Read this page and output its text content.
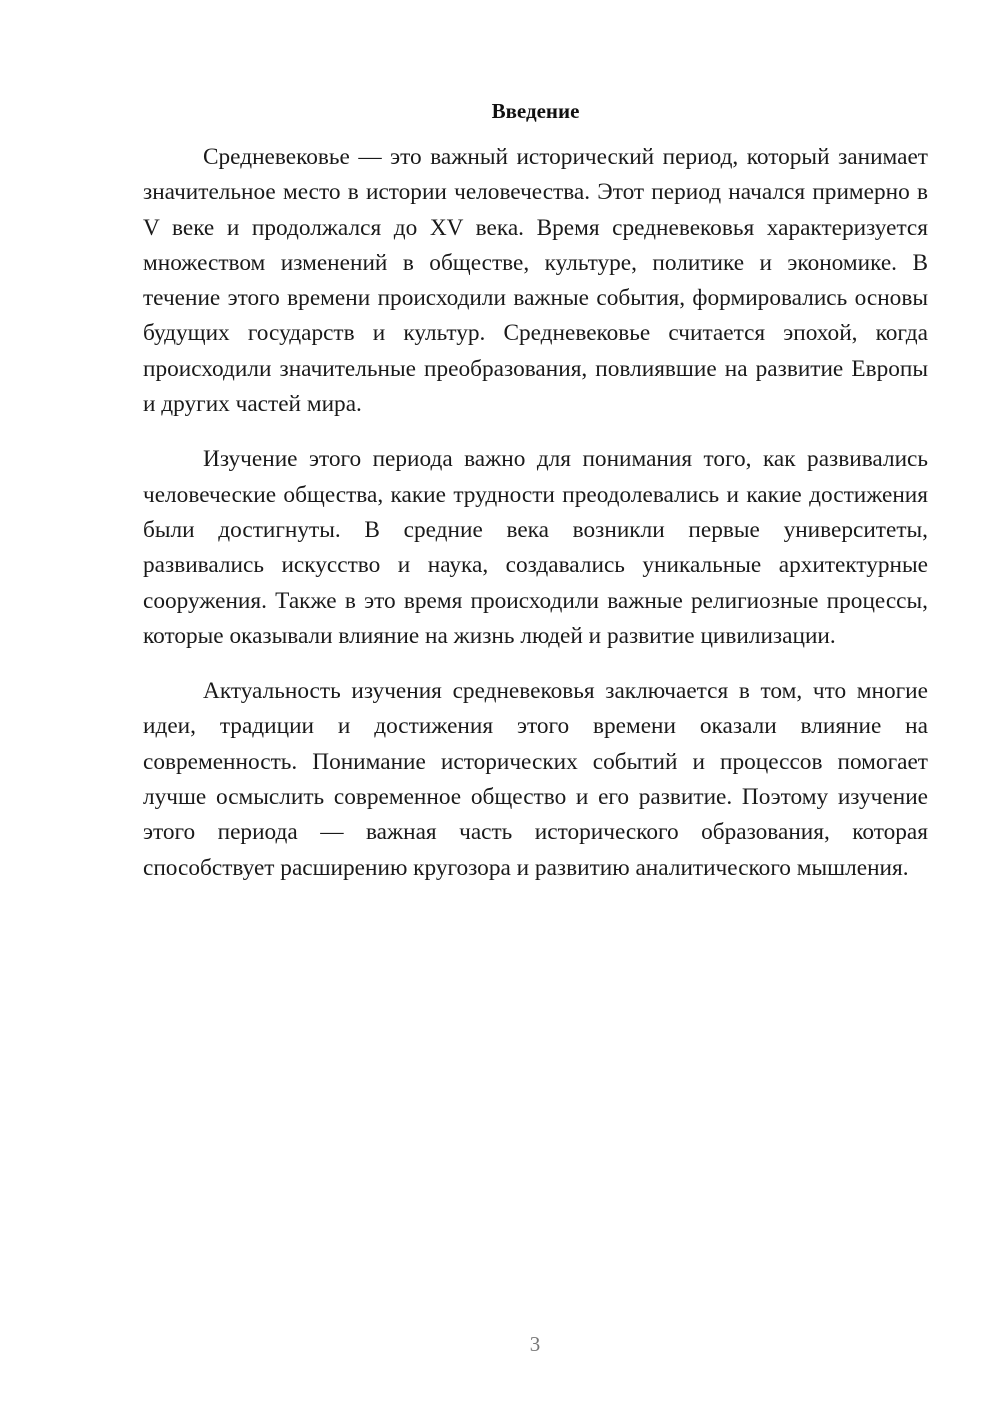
Введение

Средневековье — это важный исторический период, который занимает значительное место в истории человечества. Этот период начался примерно в V веке и продолжался до XV века. Время средневековья характеризуется множеством изменений в обществе, культуре, политике и экономике. В течение этого времени происходили важные события, формировались основы будущих государств и культур. Средневековье считается эпохой, когда происходили значительные преобразования, повлиявшие на развитие Европы и других частей мира.

Изучение этого периода важно для понимания того, как развивались человеческие общества, какие трудности преодолевались и какие достижения были достигнуты. В средние века возникли первые университеты, развивались искусство и наука, создавались уникальные архитектурные сооружения. Также в это время происходили важные религиозные процессы, которые оказывали влияние на жизнь людей и развитие цивилизации.

Актуальность изучения средневековья заключается в том, что многие идеи, традиции и достижения этого времени оказали влияние на современность. Понимание исторических событий и процессов помогает лучше осмыслить современное общество и его развитие. Поэтому изучение этого периода — важная часть исторического образования, которая способствует расширению кругозора и развитию аналитического мышления.

3
